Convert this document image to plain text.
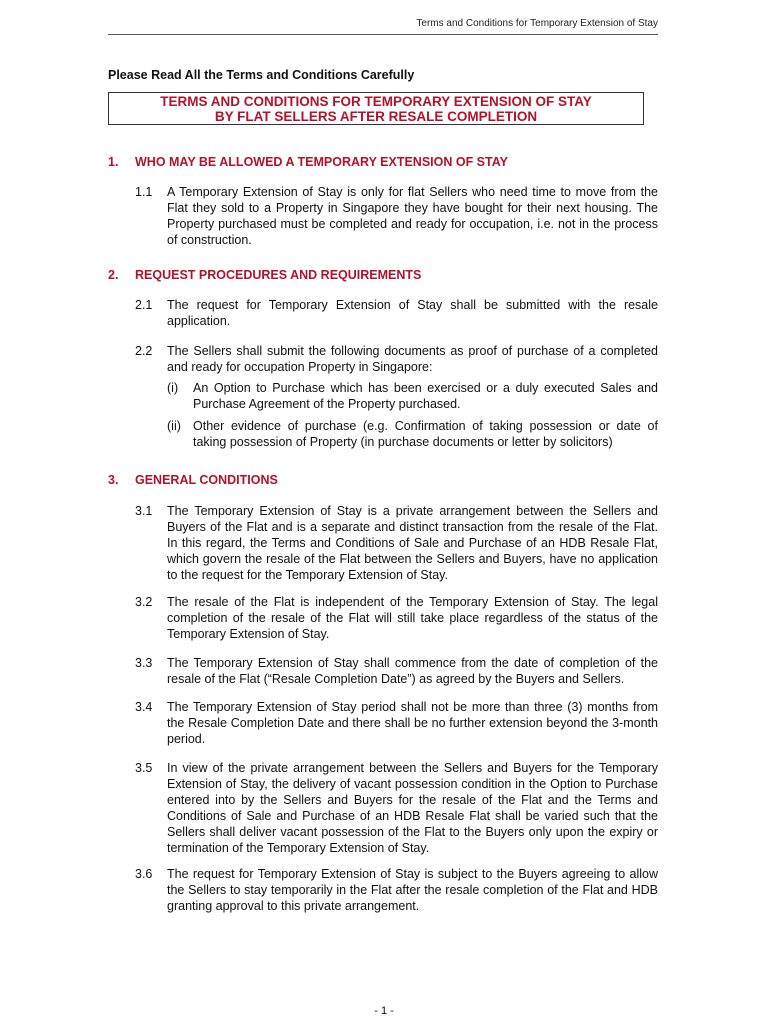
Terms and Conditions for Temporary Extension of Stay
Please Read All the Terms and Conditions Carefully
TERMS AND CONDITIONS FOR TEMPORARY EXTENSION OF STAY
BY FLAT SELLERS AFTER RESALE COMPLETION
1. WHO MAY BE ALLOWED A TEMPORARY EXTENSION OF STAY
1.1 A Temporary Extension of Stay is only for flat Sellers who need time to move from the Flat they sold to a Property in Singapore they have bought for their next housing. The Property purchased must be completed and ready for occupation, i.e. not in the process of construction.
2. REQUEST PROCEDURES AND REQUIREMENTS
2.1 The request for Temporary Extension of Stay shall be submitted with the resale application.
2.2 The Sellers shall submit the following documents as proof of purchase of a completed and ready for occupation Property in Singapore:
(i) An Option to Purchase which has been exercised or a duly executed Sales and Purchase Agreement of the Property purchased.
(ii) Other evidence of purchase (e.g. Confirmation of taking possession or date of taking possession of Property (in purchase documents or letter by solicitors)
3. GENERAL CONDITIONS
3.1 The Temporary Extension of Stay is a private arrangement between the Sellers and Buyers of the Flat and is a separate and distinct transaction from the resale of the Flat. In this regard, the Terms and Conditions of Sale and Purchase of an HDB Resale Flat, which govern the resale of the Flat between the Sellers and Buyers, have no application to the request for the Temporary Extension of Stay.
3.2 The resale of the Flat is independent of the Temporary Extension of Stay. The legal completion of the resale of the Flat will still take place regardless of the status of the Temporary Extension of Stay.
3.3 The Temporary Extension of Stay shall commence from the date of completion of the resale of the Flat (“Resale Completion Date”) as agreed by the Buyers and Sellers.
3.4 The Temporary Extension of Stay period shall not be more than three (3) months from the Resale Completion Date and there shall be no further extension beyond the 3-month period.
3.5 In view of the private arrangement between the Sellers and Buyers for the Temporary Extension of Stay, the delivery of vacant possession condition in the Option to Purchase entered into by the Sellers and Buyers for the resale of the Flat and the Terms and Conditions of Sale and Purchase of an HDB Resale Flat shall be varied such that the Sellers shall deliver vacant possession of the Flat to the Buyers only upon the expiry or termination of the Temporary Extension of Stay.
3.6 The request for Temporary Extension of Stay is subject to the Buyers agreeing to allow the Sellers to stay temporarily in the Flat after the resale completion of the Flat and HDB granting approval to this private arrangement.
- 1 -
